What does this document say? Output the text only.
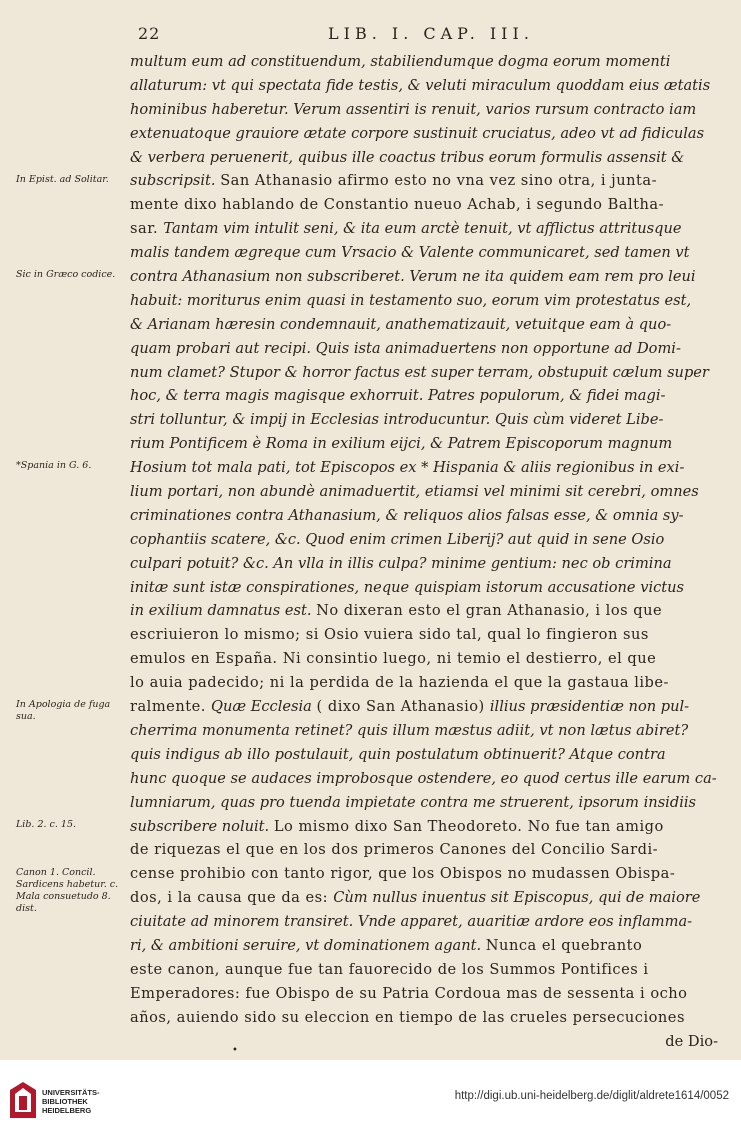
22	LIB. I. CAP. III.
multum eum ad constituendum, stabiliendumque dogma eorum momenti
allaturum: vt qui spectata fide testis, & veluti miraculum quoddam eius ætatis
hominibus haberetur. Verum assentiri is renuit, varios rursum contracto iam
extenuatoque grauiore ætate corpore sustinuit cruciatus, adeo vt ad fidiculas
& verbera peruenerit, quibus ille coactus tribus eorum formulis assensit &
subscripsit. San Athanasio afirmo esto no vna vez sino otra, i junta-
mente dixo hablando de Constantio nueuo Achab, i segundo Baltha-
sar. Tantam vim intulit seni, & ita eum arctè tenuit, vt afflictus attritusque
malis tandem ægreque cum Vrsacio & Valente communicaret, sed tamen vt
contra Athanasium non subscriberet. Verum ne ita quidem eam rem pro leui
habuit: moriturus enim quasi in testamento suo, eorum vim protestatus est,
& Arianam hæresin condemnauit, anathematizauit, vetuitque eam à quo-
quam probari aut recipi. Quis ista animaduertens non opportune ad Domi-
num clamet? Stupor & horror factus est super terram, obstupuit cælum super
hoc, & terra magis magisque exhorruit. Patres populorum, & fidei magi-
stri tolluntur, & impij in Ecclesias introducuntur. Quis cùm videret Libe-
rium Pontificem è Roma in exilium eijci, & Patrem Episcoporum magnum
Hosium tot mala pati, tot Episcopos ex * Hispania & aliis regionibus in exi-
lium portari, non abundè animaduertit, etiamsi vel minimi sit cerebri, omnes
criminationes contra Athanasium, & reliquos alios falsas esse, & omnia sy-
cophantiis scatere, &c. Quod enim crimen Liberij? aut quid in sene Osio
culpari potuit? &c. An vlla in illis culpa? minime gentium: nec ob crimina
initæ sunt istæ conspirationes, neque quispiam istorum accusatione victus
in exilium damnatus est. No dixeran esto el gran Athanasio, i los que
escriuieron lo mismo; si Osio vuiera sido tal, qual lo fingieron sus
emulos en España. Ni consintio luego, ni temio el destierro, el que
lo auia padecido; ni la perdida de la hazienda el que la gastaua libe-
ralmente. Quæ Ecclesia ( dixo San Athanasio) illius præsidentiæ non pul-
cherrima monumenta retinet? quis illum mæstus adiit, vt non lætus abiret?
quis indigus ab illo postulauit, quin postulatum obtinuerit? Atque contra
hunc quoque se audaces improbosque ostendere, eo quod certus ille earum ca-
lumniarum, quas pro tuenda impietate contra me struerent, ipsorum insidiis
subscribere noluit. Lo mismo dixo San Theodoreto. No fue tan amigo
de riquezas el que en los dos primeros Canones del Concilio Sardi-
cense prohibio con tanto rigor, que los Obispos no mudassen Obispa-
dos, i la causa que da es: Cùm nullus inuentus sit Episcopus, qui de maiore
ciuitate ad minorem transiret. Vnde apparet, auaritiæ ardore eos inflamma-
ri, & ambitioni seruire, vt dominationem agant. Nunca el quebranto
este canon, aunque fue tan fauorecido de los Summos Pontifices i
Emperadores: fue Obispo de su Patria Cordoua mas de sessenta i ocho
años, auiendo sido su eleccion en tiempo de las crueles persecuciones
de Dio-
In Epist. ad Solitar.
Sic in Græco codice.
*Spania in G. 6.
In Apologia de fuga sua.
Lib. 2. c. 15.
Canon 1. Concil. Sardicens habetur. c. Mala consuetudo 8. dist.
•
UNIVERSITÄTS-
BIBLIOTHEK
HEIDELBERG
http://digi.ub.uni-heidelberg.de/diglit/aldrete1614/0052
